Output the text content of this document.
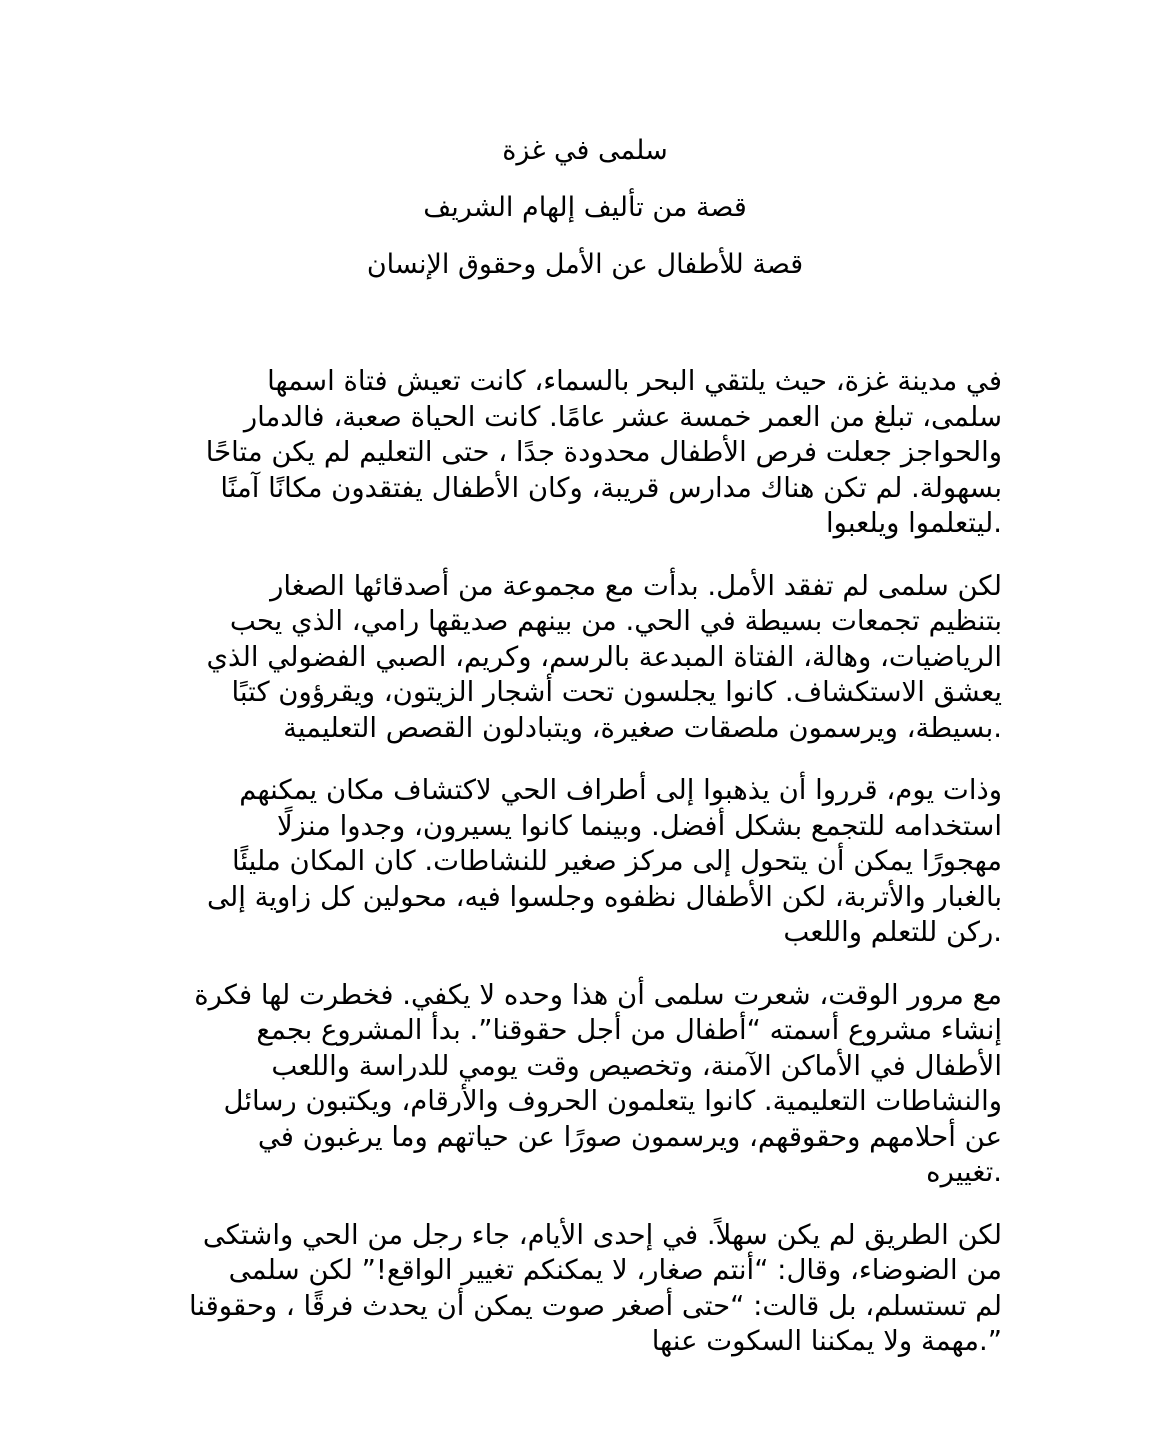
سلمى في غزة
قصة من تأليف إلهام الشريف
قصة للأطفال عن الأمل وحقوق الإنسان
في مدينة غزة، حيث يلتقي البحر بالسماء، كانت تعيش فتاة اسمها
سلمى، تبلغ من العمر خمسة عشر عامًا. كانت الحياة صعبة، فالدمار
والحواجز جعلت فرص الأطفال محدودة جدًا ، حتى التعليم لم يكن متاحًا
بسهولة. لم تكن هناك مدارس قريبة، وكان الأطفال يفتقدون مكانًا آمنًا
.ليتعلموا ويلعبوا
لكن سلمى لم تفقد الأمل. بدأت مع مجموعة من أصدقائها الصغار
بتنظيم تجمعات بسيطة في الحي. من بينهم صديقها رامي، الذي يحب
الرياضيات، وهالة، الفتاة المبدعة بالرسم، وكريم، الصبي الفضولي الذي
يعشق الاستكشاف. كانوا يجلسون تحت أشجار الزيتون، ويقرؤون كتبًا
.بسيطة، ويرسمون ملصقات صغيرة، ويتبادلون القصص التعليمية
وذات يوم، قرروا أن يذهبوا إلى أطراف الحي لاكتشاف مكان يمكنهم
استخدامه للتجمع بشكل أفضل. وبينما كانوا يسيرون، وجدوا منزلًا
مهجورًا يمكن أن يتحول إلى مركز صغير للنشاطات. كان المكان مليئًا
بالغبار والأتربة، لكن الأطفال نظفوه وجلسوا فيه، محولين كل زاوية إلى
.ركن للتعلم واللعب
مع مرور الوقت، شعرت سلمى أن هذا وحده لا يكفي. فخطرت لها فكرة
إنشاء مشروع أسمته “أطفال من أجل حقوقنا”. بدأ المشروع بجمع
الأطفال في الأماكن الآمنة، وتخصيص وقت يومي للدراسة واللعب
والنشاطات التعليمية. كانوا يتعلمون الحروف والأرقام، ويكتبون رسائل
عن أحلامهم وحقوقهم، ويرسمون صورًا عن حياتهم وما يرغبون في
.تغييره
لكن الطريق لم يكن سهلاً. في إحدى الأيام، جاء رجل من الحي واشتكى
من الضوضاء، وقال: “أنتم صغار، لا يمكنكم تغيير الواقع!” لكن سلمى
لم تستسلم، بل قالت: “حتى أصغر صوت يمكن أن يحدث فرقًا ، وحقوقنا
”.مهمة ولا يمكننا السكوت عنها
